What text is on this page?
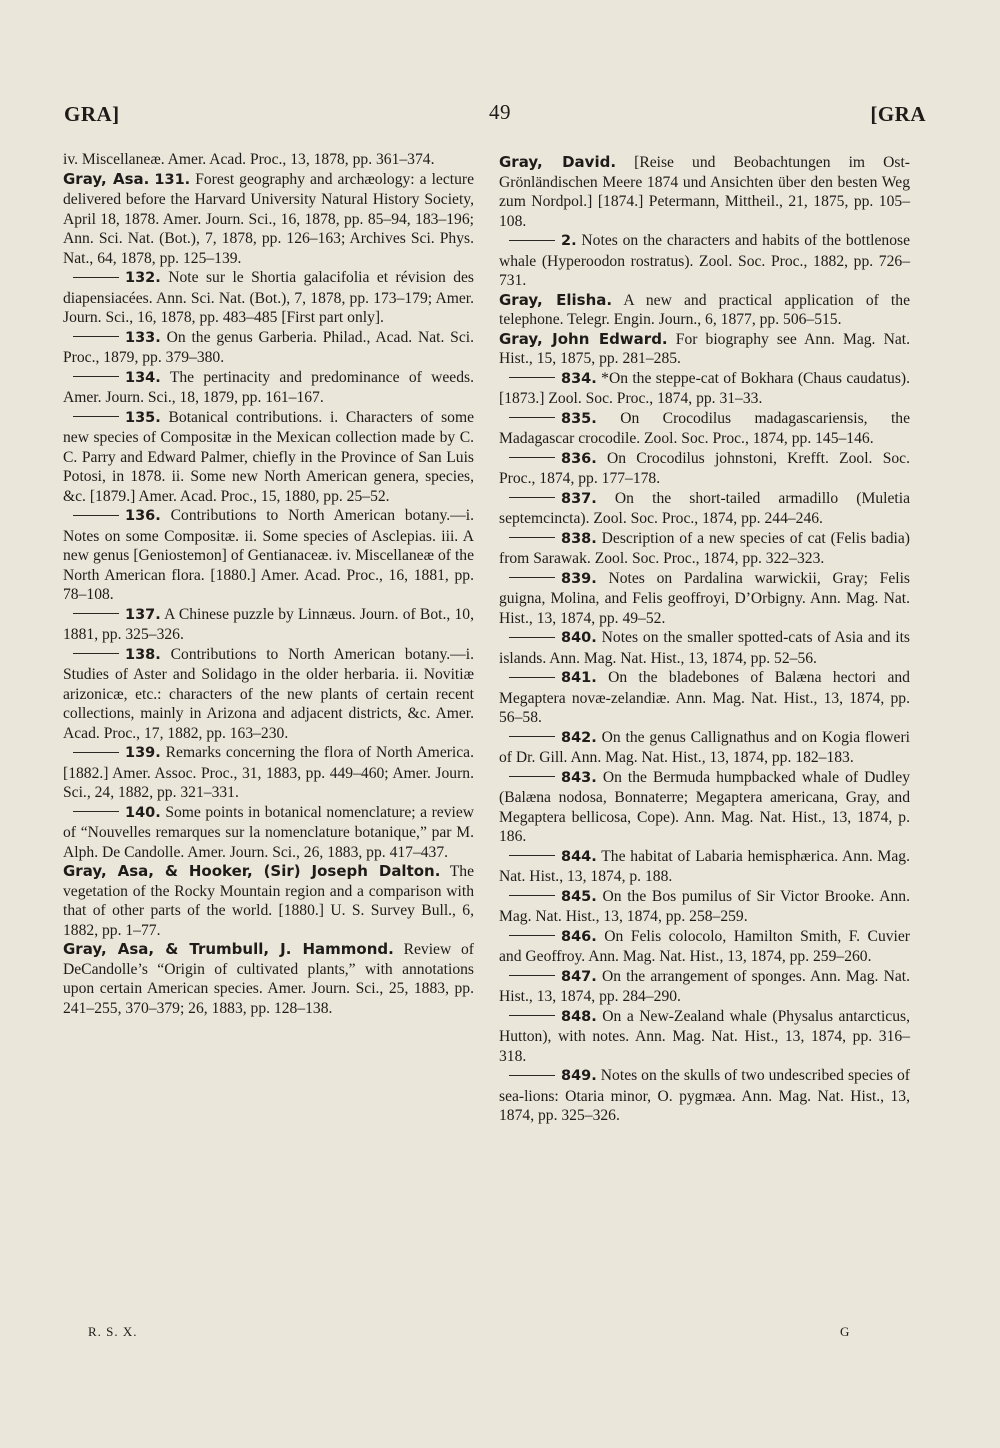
GRA]	49	[GRA

iv. Miscellaneæ. Amer. Acad. Proc., 13, 1878, pp. 361–374.

Gray, Asa. 131. Forest geography and archæology: a lecture delivered before the Harvard University Natural History Society, April 18, 1878. Amer. Journ. Sci., 16, 1878, pp. 85–94, 183–196; Ann. Sci. Nat. (Bot.), 7, 1878, pp. 126–163; Archives Sci. Phys. Nat., 64, 1878, pp. 125–139.

132. Note sur le Shortia galacifolia et révision des diapensiacées. Ann. Sci. Nat. (Bot.), 7, 1878, pp. 173–179; Amer. Journ. Sci., 16, 1878, pp. 483–485 [First part only].

133. On the genus Garberia. Philad., Acad. Nat. Sci. Proc., 1879, pp. 379–380.

134. The pertinacity and predominance of weeds. Amer. Journ. Sci., 18, 1879, pp. 161–167.

135. Botanical contributions. i. Characters of some new species of Compositæ in the Mexican collection made by C. C. Parry and Edward Palmer, chiefly in the Province of San Luis Potosi, in 1878. ii. Some new North American genera, species, &c. [1879.] Amer. Acad. Proc., 15, 1880, pp. 25–52.

136. Contributions to North American botany.—i. Notes on some Compositæ. ii. Some species of Asclepias. iii. A new genus [Geniostemon] of Gentianaceæ. iv. Miscellaneæ of the North American flora. [1880.] Amer. Acad. Proc., 16, 1881, pp. 78–108.

137. A Chinese puzzle by Linnæus. Journ. of Bot., 10, 1881, pp. 325–326.

138. Contributions to North American botany.—i. Studies of Aster and Solidago in the older herbaria. ii. Novitiæ arizonicæ, etc.: characters of the new plants of certain recent collections, mainly in Arizona and adjacent districts, &c. Amer. Acad. Proc., 17, 1882, pp. 163–230.

139. Remarks concerning the flora of North America. [1882.] Amer. Assoc. Proc., 31, 1883, pp. 449–460; Amer. Journ. Sci., 24, 1882, pp. 321–331.

140. Some points in botanical nomenclature; a review of “Nouvelles remarques sur la nomenclature botanique,” par M. Alph. De Candolle. Amer. Journ. Sci., 26, 1883, pp. 417–437.

Gray, Asa, & Hooker, (Sir) Joseph Dalton. The vegetation of the Rocky Mountain region and a comparison with that of other parts of the world. [1880.] U. S. Survey Bull., 6, 1882, pp. 1–77.

Gray, Asa, & Trumbull, J. Hammond. Review of DeCandolle’s “Origin of cultivated plants,” with annotations upon certain American species. Amer. Journ. Sci., 25, 1883, pp. 241–255, 370–379; 26, 1883, pp. 128–138.

Gray, David. [Reise und Beobachtungen im Ost-Grönländischen Meere 1874 und Ansichten über den besten Weg zum Nordpol.] [1874.] Petermann, Mittheil., 21, 1875, pp. 105–108.

2. Notes on the characters and habits of the bottlenose whale (Hyperoodon rostratus). Zool. Soc. Proc., 1882, pp. 726–731.

Gray, Elisha. A new and practical application of the telephone. Telegr. Engin. Journ., 6, 1877, pp. 506–515.

Gray, John Edward. For biography see Ann. Mag. Nat. Hist., 15, 1875, pp. 281–285.

834. *On the steppe-cat of Bokhara (Chaus caudatus). [1873.] Zool. Soc. Proc., 1874, pp. 31–33.

835. On Crocodilus madagascariensis, the Madagascar crocodile. Zool. Soc. Proc., 1874, pp. 145–146.

836. On Crocodilus johnstoni, Krefft. Zool. Soc. Proc., 1874, pp. 177–178.

837. On the short-tailed armadillo (Muletia septemcincta). Zool. Soc. Proc., 1874, pp. 244–246.

838. Description of a new species of cat (Felis badia) from Sarawak. Zool. Soc. Proc., 1874, pp. 322–323.

839. Notes on Pardalina warwickii, Gray; Felis guigna, Molina, and Felis geoffroyi, D’Orbigny. Ann. Mag. Nat. Hist., 13, 1874, pp. 49–52.

840. Notes on the smaller spotted-cats of Asia and its islands. Ann. Mag. Nat. Hist., 13, 1874, pp. 52–56.

841. On the bladebones of Balæna hectori and Megaptera novæ-zelandiæ. Ann. Mag. Nat. Hist., 13, 1874, pp. 56–58.

842. On the genus Callignathus and on Kogia floweri of Dr. Gill. Ann. Mag. Nat. Hist., 13, 1874, pp. 182–183.

843. On the Bermuda humpbacked whale of Dudley (Balæna nodosa, Bonnaterre; Megaptera americana, Gray, and Megaptera bellicosa, Cope). Ann. Mag. Nat. Hist., 13, 1874, p. 186.

844. The habitat of Labaria hemisphærica. Ann. Mag. Nat. Hist., 13, 1874, p. 188.

845. On the Bos pumilus of Sir Victor Brooke. Ann. Mag. Nat. Hist., 13, 1874, pp. 258–259.

846. On Felis colocolo, Hamilton Smith, F. Cuvier and Geoffroy. Ann. Mag. Nat. Hist., 13, 1874, pp. 259–260.

847. On the arrangement of sponges. Ann. Mag. Nat. Hist., 13, 1874, pp. 284–290.

848. On a New-Zealand whale (Physalus antarcticus, Hutton), with notes. Ann. Mag. Nat. Hist., 13, 1874, pp. 316–318.

849. Notes on the skulls of two undescribed species of sea-lions: Otaria minor, O. pygmæa. Ann. Mag. Nat. Hist., 13, 1874, pp. 325–326.

R. S. X.	G
